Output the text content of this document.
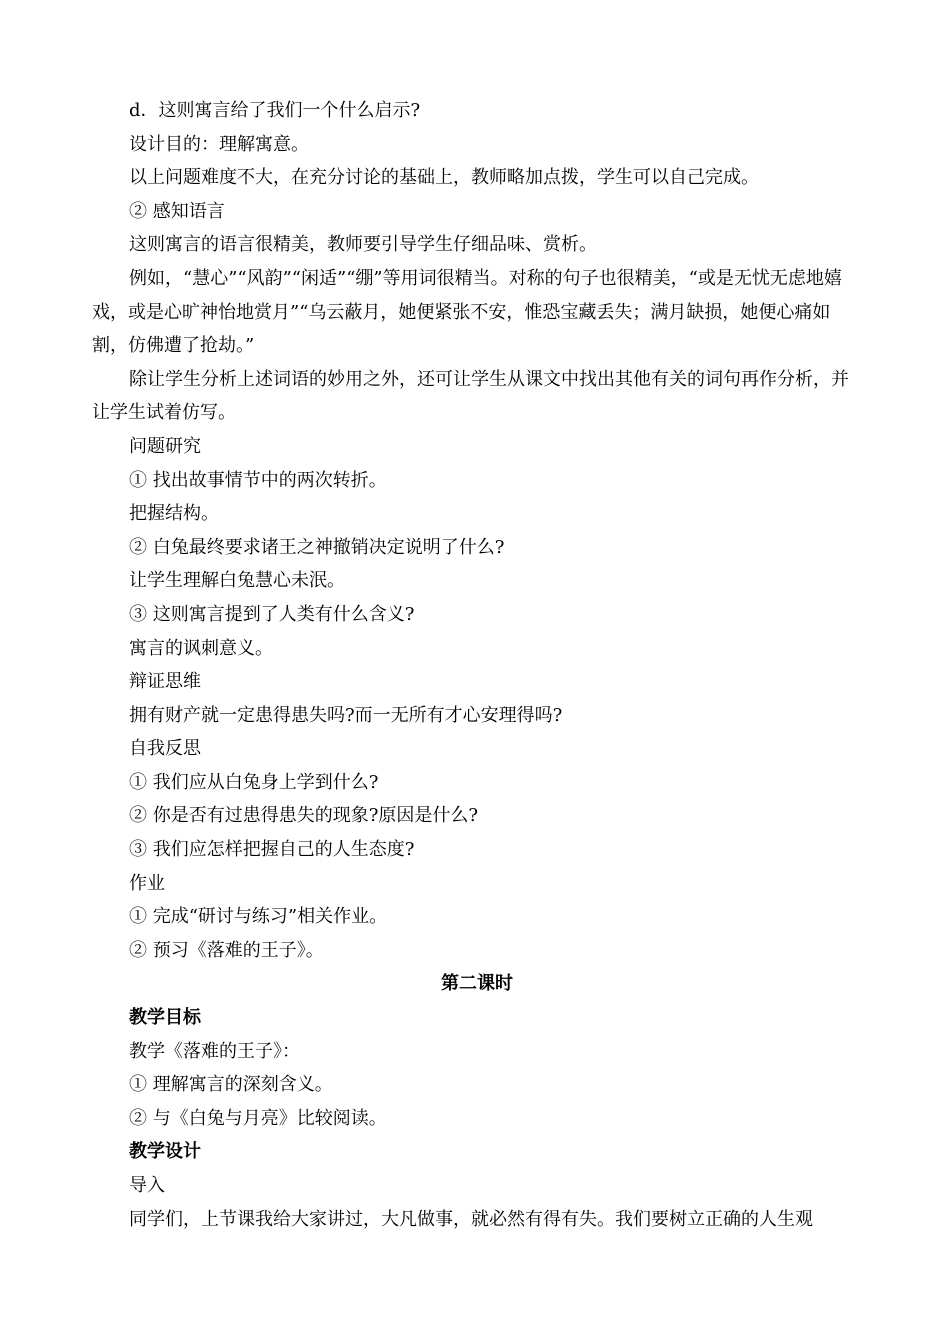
d．这则寓言给了我们一个什么启示?

设计目的：理解寓意。

以上问题难度不大，在充分讨论的基础上，教师略加点拨，学生可以自己完成。

② 感知语言

这则寓言的语言很精美，教师要引导学生仔细品味、赏析。

例如，“慧心”“风韵”“闲适”“绷”等用词很精当。对称的句子也很精美，“或是无忧无虑地嬉戏，或是心旷神怡地赏月”“乌云蔽月，她便紧张不安，惟恐宝藏丢失；满月缺损，她便心痛如割，仿佛遭了抢劫。”

除让学生分析上述词语的妙用之外，还可让学生从课文中找出其他有关的词句再作分析，并让学生试着仿写。

问题研究

① 找出故事情节中的两次转折。

把握结构。

② 白兔最终要求诸王之神撤销决定说明了什么?

让学生理解白兔慧心未泯。

③ 这则寓言提到了人类有什么含义?

寓言的讽刺意义。

辩证思维

拥有财产就一定患得患失吗?而一无所有才心安理得吗?

自我反思

① 我们应从白兔身上学到什么?

② 你是否有过患得患失的现象?原因是什么?

③ 我们应怎样把握自己的人生态度?

作业

① 完成“研讨与练习”相关作业。

② 预习《落难的王子》。

第二课时

教学目标

教学《落难的王子》：

① 理解寓言的深刻含义。

② 与《白兔与月亮》比较阅读。

教学设计

导入

同学们，上节课我给大家讲过，大凡做事，就必然有得有失。我们要树立正确的人生观
